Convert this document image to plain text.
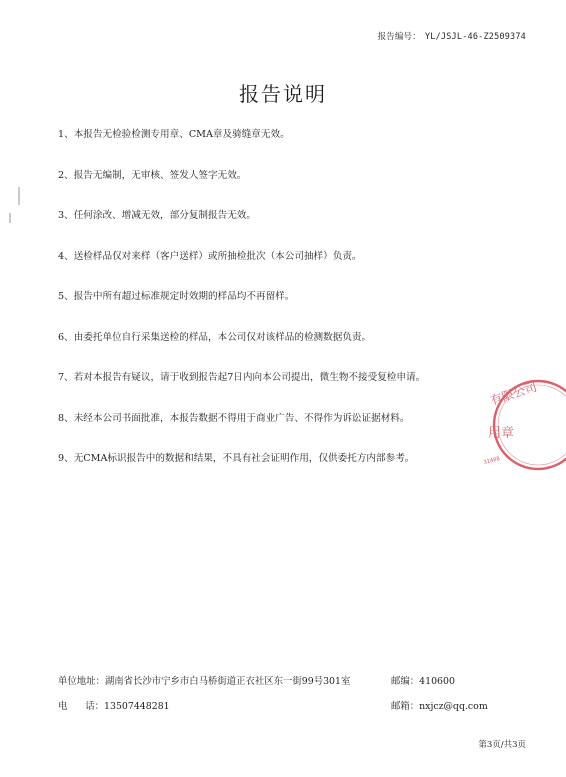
报告编号： YL/JSJL-46-Z2509374
报告说明
1、本报告无检验检测专用章、CMA章及骑缝章无效。
2、报告无编制，无审核、签发人签字无效。
3、任何涂改、增减无效，部分复制报告无效。
4、送检样品仅对来样（客户送样）或所抽检批次（本公司抽样）负责。
5、报告中所有超过标准规定时效期的样品均不再留样。
6、由委托单位自行采集送检的样品，本公司仅对该样品的检测数据负责。
7、若对本报告有疑议，请于收到报告起7日内向本公司提出，微生物不接受复检申请。
8、未经本公司书面批准，本报告数据不得用于商业广告、不得作为诉讼证据材料。
9、无CMA标识报告中的数据和结果，不具有社会证明作用，仅供委托方内部参考。
有限公司
用章
31488
单位地址：湖南省长沙市宁乡市白马桥街道正衣社区东一街99号301室	邮编：410600
电      话：13507448281	邮箱：nxjcz@qq.com
第3页/共3页
